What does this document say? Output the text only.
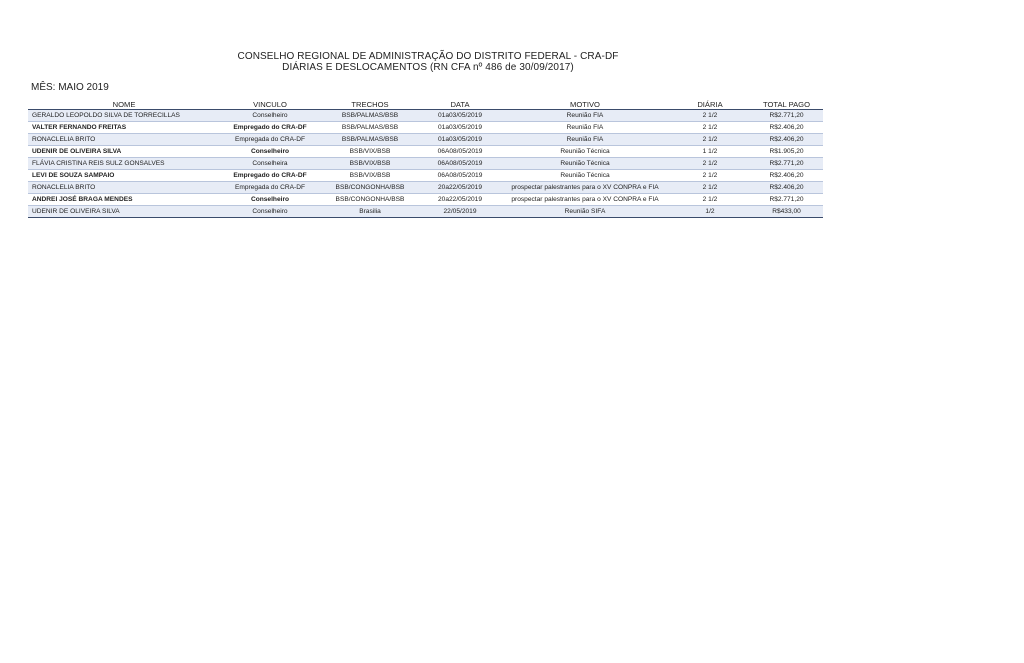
CONSELHO REGIONAL DE ADMINISTRAÇÃO DO DISTRITO FEDERAL - CRA-DF
DIÁRIAS E DESLOCAMENTOS (RN CFA nº 486 de 30/09/2017)
MÊS: MAIO 2019
NOME	VINCULO	TRECHOS	DATA	MOTIVO	DIÁRIA	TOTAL PAGO
GERALDO LEOPOLDO SILVA DE TORRECILLAS	Conselheiro	BSB/PALMAS/BSB	01a03/05/2019	Reunião FIA	2 1/2	R$2.771,20
VALTER FERNANDO FREITAS	Empregado do CRA-DF	BSB/PALMAS/BSB	01a03/05/2019	Reunião FIA	2 1/2	R$2.406,20
RONACLELIA BRITO	Empregada do CRA-DF	BSB/PALMAS/BSB	01a03/05/2019	Reunião FIA	2 1/2	R$2.406,20
UDENIR DE OLIVEIRA SILVA	Conselheiro	BSB/VIX/BSB	06A08/05/2019	Reunião Técnica	1 1/2	R$1.905,20
FLÁVIA CRISTINA REIS SULZ GONSALVES	Conselheira	BSB/VIX/BSB	06A08/05/2019	Reunião Técnica	2 1/2	R$2.771,20
LEVI DE SOUZA SAMPAIO	Empregado do CRA-DF	BSB/VIX/BSB	06A08/05/2019	Reunião Técnica	2 1/2	R$2.406,20
RONACLELIA BRITO	Empregada do CRA-DF	BSB/CONGONHA/BSB	20a22/05/2019	prospectar palestrantes para o XV CONPRA e FIA	2 1/2	R$2.406,20
ANDREI JOSÉ BRAGA MENDES	Conselheiro	BSB/CONGONHA/BSB	20a22/05/2019	prospectar palestrantes para o XV CONPRA e FIA	2 1/2	R$2.771,20
UDENIR DE OLIVEIRA SILVA	Conselheiro	Brasilia	22/05/2019	Reunião SIFA	1/2	R$433,00
